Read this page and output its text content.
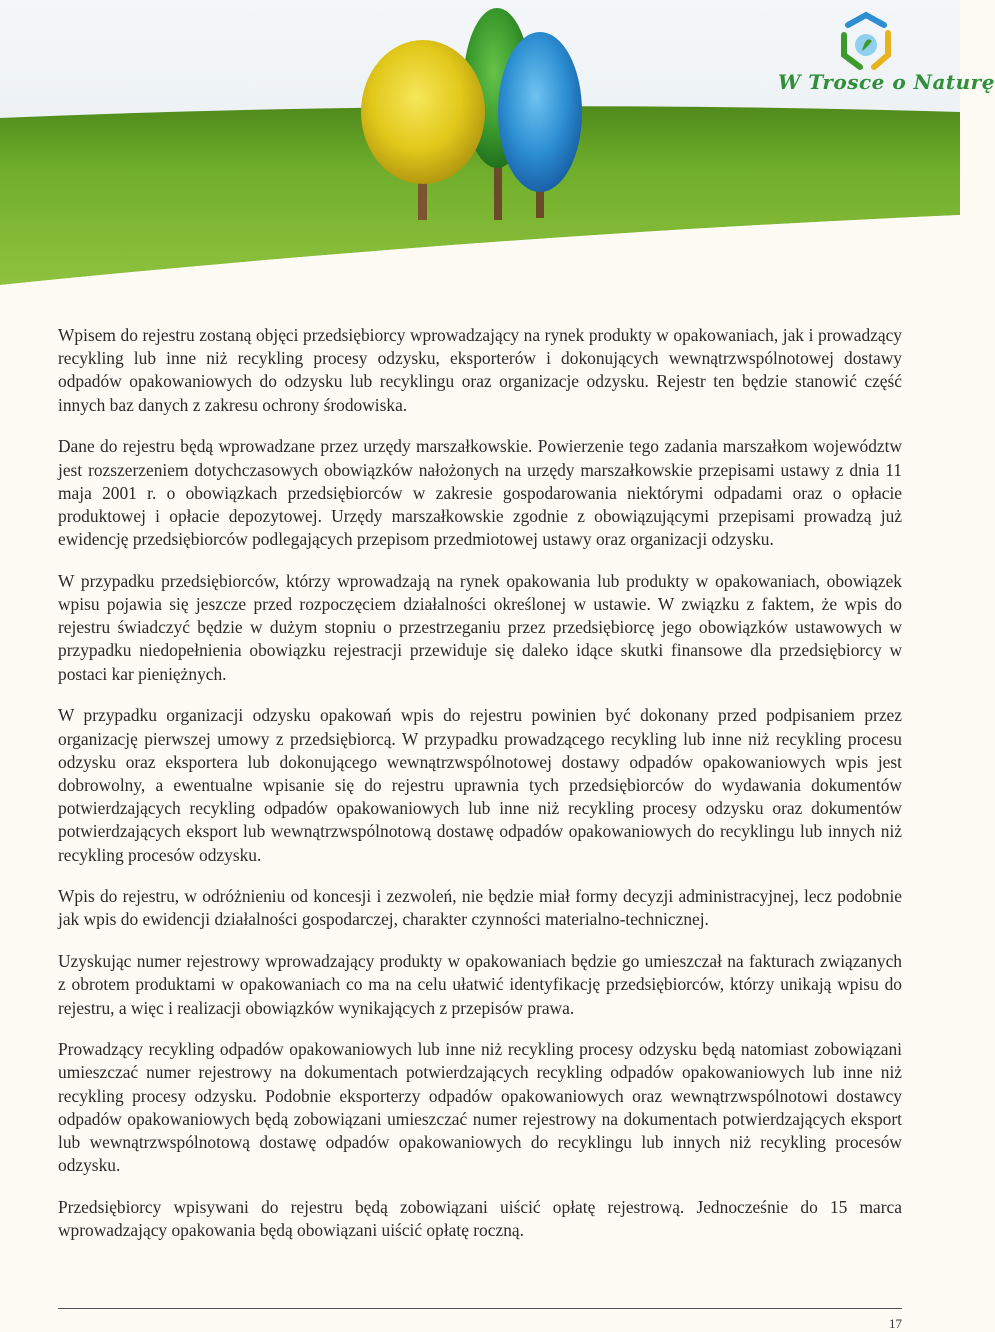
W Trosce o Naturę

Wpisem do rejestru zostaną objęci przedsiębiorcy wprowadzający na rynek produkty w opakowaniach, jak i prowadzący recykling lub inne niż recykling procesy odzysku, eksporterów i dokonujących wewnątrzwspólnotowej dostawy odpadów opakowaniowych do odzysku lub recyklingu oraz organizacje odzysku. Rejestr ten będzie stanowić część innych baz danych z zakresu ochrony środowiska.

Dane do rejestru będą wprowadzane przez urzędy marszałkowskie. Powierzenie tego zadania marszałkom województw jest rozszerzeniem dotychczasowych obowiązków nałożonych na urzędy marszałkowskie przepisami ustawy z dnia 11 maja 2001 r. o obowiązkach przedsiębiorców w zakresie gospodarowania niektórymi odpadami oraz o opłacie produktowej i opłacie depozytowej. Urzędy marszałkowskie zgodnie z obowiązującymi przepisami prowadzą już ewidencję przedsiębiorców podlegających przepisom przedmiotowej ustawy oraz organizacji odzysku.

W przypadku przedsiębiorców, którzy wprowadzają na rynek opakowania lub produkty w opakowaniach, obowiązek wpisu pojawia się jeszcze przed rozpoczęciem działalności określonej w ustawie. W związku z faktem, że wpis do rejestru świadczyć będzie w dużym stopniu o przestrzeganiu przez przedsiębiorcę jego obowiązków ustawowych w przypadku niedopełnienia obowiązku rejestracji przewiduje się daleko idące skutki finansowe dla przedsiębiorcy w postaci kar pieniężnych.

W przypadku organizacji odzysku opakowań wpis do rejestru powinien być dokonany przed podpisaniem przez organizację pierwszej umowy z przedsiębiorcą. W przypadku prowadzącego recykling lub inne niż recykling procesu odzysku oraz eksportera lub dokonującego wewnątrzwspólnotowej dostawy odpadów opakowaniowych wpis jest dobrowolny, a ewentualne wpisanie się do rejestru uprawnia tych przedsiębiorców do wydawania dokumentów potwierdzających recykling odpadów opakowaniowych lub inne niż recykling procesy odzysku oraz dokumentów potwierdzających eksport lub wewnątrzwspólnotową dostawę odpadów opakowaniowych do recyklingu lub innych niż recykling procesów odzysku.

Wpis do rejestru, w odróżnieniu od koncesji i zezwoleń, nie będzie miał formy decyzji administracyjnej, lecz podobnie jak wpis do ewidencji działalności gospodarczej, charakter czynności materialno-technicznej.

Uzyskując numer rejestrowy wprowadzający produkty w opakowaniach będzie go umieszczał na fakturach związanych z obrotem produktami w opakowaniach co ma na celu ułatwić identyfikację przedsiębiorców, którzy unikają wpisu do rejestru, a więc i realizacji obowiązków wynikających z przepisów prawa.

Prowadzący recykling odpadów opakowaniowych lub inne niż recykling procesy odzysku będą natomiast zobowiązani umieszczać numer rejestrowy na dokumentach potwierdzających recykling odpadów opakowaniowych lub inne niż recykling procesy odzysku. Podobnie eksporterzy odpadów opakowaniowych oraz wewnątrzwspólnotowi dostawcy odpadów opakowaniowych będą zobowiązani umieszczać numer rejestrowy na dokumentach potwierdzających eksport lub wewnątrzwspólnotową dostawę odpadów opakowaniowych do recyklingu lub innych niż recykling procesów odzysku.

Przedsiębiorcy wpisywani do rejestru będą zobowiązani uiścić opłatę rejestrową. Jednocześnie do 15 marca wprowadzający opakowania będą obowiązani uiścić opłatę roczną.

17
